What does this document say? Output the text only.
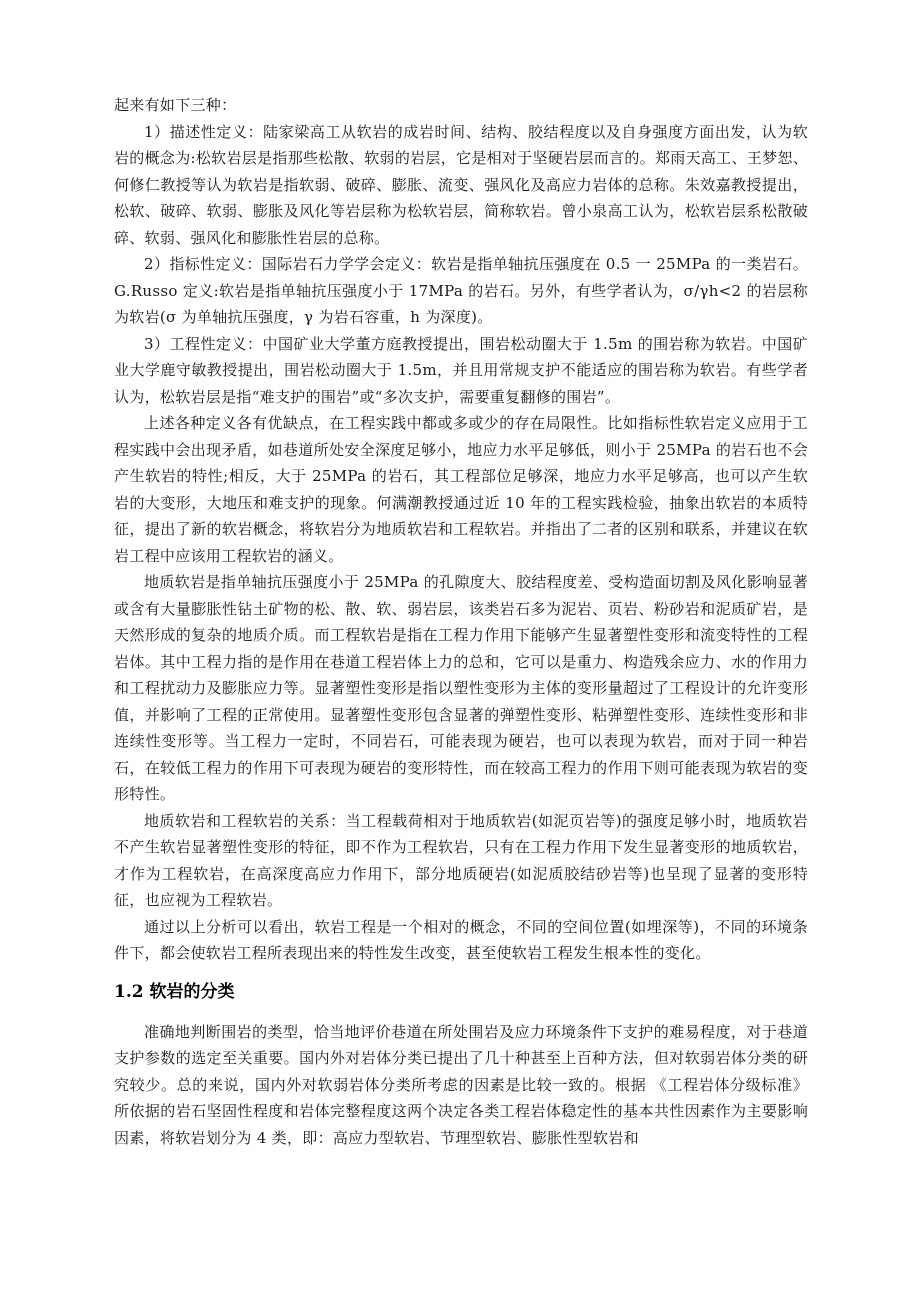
起来有如下三种：

1）描述性定义：陆家梁高工从软岩的成岩时间、结构、胶结程度以及自身强度方面出发，认为软岩的概念为:松软岩层是指那些松散、软弱的岩层，它是相对于坚硬岩层而言的。郑雨天高工、王梦恕、何修仁教授等认为软岩是指软弱、破碎、膨胀、流变、强风化及高应力岩体的总称。朱效嘉教授提出，松软、破碎、软弱、膨胀及风化等岩层称为松软岩层，简称软岩。曾小泉高工认为，松软岩层系松散破碎、软弱、强风化和膨胀性岩层的总称。

2）指标性定义：国际岩石力学学会定义：软岩是指单轴抗压强度在 0.5 一 25MPa 的一类岩石。G.Russo 定义:软岩是指单轴抗压强度小于 17MPa 的岩石。另外，有些学者认为，σ/γh<2 的岩层称为软岩(σ 为单轴抗压强度，γ 为岩石容重，h 为深度)。

3）工程性定义：中国矿业大学董方庭教授提出，围岩松动圈大于 1.5m 的围岩称为软岩。中国矿业大学鹿守敏教授提出，围岩松动圈大于 1.5m，并且用常规支护不能适应的围岩称为软岩。有些学者认为，松软岩层是指“难支护的围岩”或“多次支护，需要重复翻修的围岩”。

上述各种定义各有优缺点，在工程实践中都或多或少的存在局限性。比如指标性软岩定义应用于工程实践中会出现矛盾，如巷道所处安全深度足够小，地应力水平足够低，则小于 25MPa 的岩石也不会产生软岩的特性;相反，大于 25MPa 的岩石，其工程部位足够深，地应力水平足够高，也可以产生软岩的大变形，大地压和难支护的现象。何满潮教授通过近 10 年的工程实践检验，抽象出软岩的本质特征，提出了新的软岩概念，将软岩分为地质软岩和工程软岩。并指出了二者的区别和联系，并建议在软岩工程中应该用工程软岩的涵义。

地质软岩是指单轴抗压强度小于 25MPa 的孔隙度大、胶结程度差、受构造面切割及风化影响显著或含有大量膨胀性钻土矿物的松、散、软、弱岩层，该类岩石多为泥岩、页岩、粉砂岩和泥质矿岩，是天然形成的复杂的地质介质。而工程软岩是指在工程力作用下能够产生显著塑性变形和流变特性的工程岩体。其中工程力指的是作用在巷道工程岩体上力的总和，它可以是重力、构造残余应力、水的作用力和工程扰动力及膨胀应力等。显著塑性变形是指以塑性变形为主体的变形量超过了工程设计的允许变形值，并影响了工程的正常使用。显著塑性变形包含显著的弹塑性变形、粘弹塑性变形、连续性变形和非连续性变形等。当工程力一定时，不同岩石，可能表现为硬岩，也可以表现为软岩，而对于同一种岩石，在较低工程力的作用下可表现为硬岩的变形特性，而在较高工程力的作用下则可能表现为软岩的变形特性。

地质软岩和工程软岩的关系：当工程载荷相对于地质软岩(如泥页岩等)的强度足够小时，地质软岩不产生软岩显著塑性变形的特征，即不作为工程软岩，只有在工程力作用下发生显著变形的地质软岩，才作为工程软岩，在高深度高应力作用下，部分地质硬岩(如泥质胶结砂岩等)也呈现了显著的变形特征，也应视为工程软岩。

通过以上分析可以看出，软岩工程是一个相对的概念，不同的空间位置(如埋深等)，不同的环境条件下，都会使软岩工程所表现出来的特性发生改变，甚至使软岩工程发生根本性的变化。

1.2 软岩的分类

准确地判断围岩的类型，恰当地评价巷道在所处围岩及应力环境条件下支护的难易程度，对于巷道支护参数的选定至关重要。国内外对岩体分类已提出了几十种甚至上百种方法，但对软弱岩体分类的研究较少。总的来说，国内外对软弱岩体分类所考虑的因素是比较一致的。根据 《工程岩体分级标准》 所依据的岩石坚固性程度和岩体完整程度这两个决定各类工程岩体稳定性的基本共性因素作为主要影响因素，将软岩划分为 4 类，即：高应力型软岩、节理型软岩、膨胀性型软岩和
